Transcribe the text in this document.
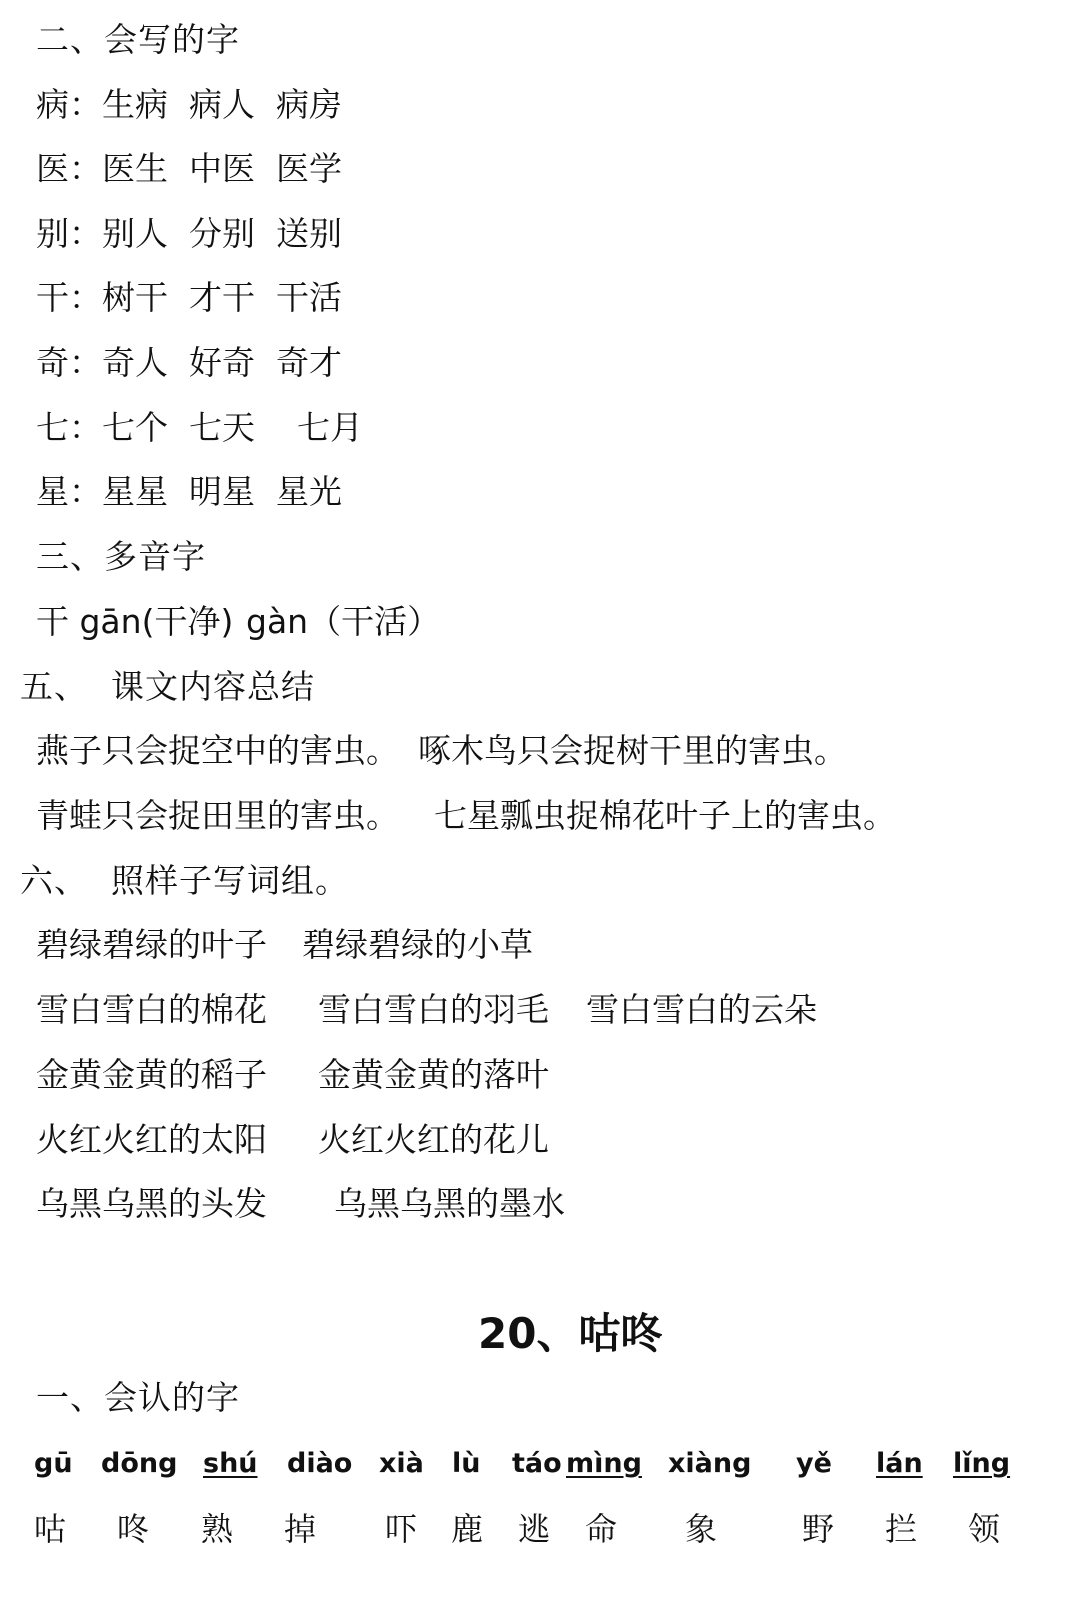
二、会写的字
病： 生病  病人  病房
医： 医生  中医  医学
别： 别人  分别  送别
干： 树干  才干  干活
奇： 奇人  好奇  奇才
七： 七个  七天    七月
星： 星星  明星  星光
三、多音字
干 gān(干净) gàn（干活）
五、  课文内容总结
燕子只会捉空中的害虫。 啄木鸟只会捉树干里的害虫。
青蛙只会捉田里的害虫。 七星瓢虫捉棉花叶子上的害虫。
六、  照样子写词组。
碧绿碧绿的叶子 碧绿碧绿的小草
雪白雪白的棉花 雪白雪白的羽毛 雪白雪白的云朵
金黄金黄的稻子 金黄金黄的落叶
火红火红的太阳 火红火红的花儿
乌黑乌黑的头发 乌黑乌黑的墨水
20、咕咚
一、会认的字
gū dōng shú diào xià lù táo mìng xiàng yě lán lǐng
咕 咚 熟 掉 吓 鹿 逃 命 象	野 拦 领
